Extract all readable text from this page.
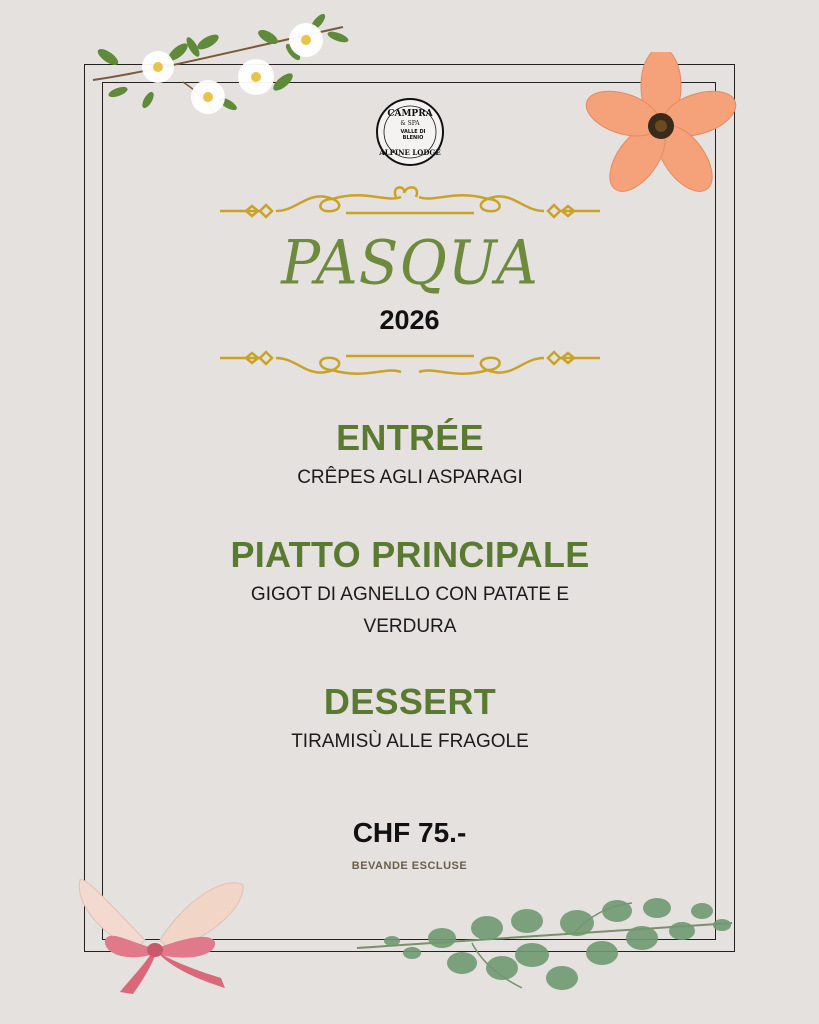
CAMPRA
& SPA
VALLE DI
BLENIO
ALPINE LODGE
PASQUA
2026
ENTRÉE
CRÊPES AGLI ASPARAGI
PIATTO PRINCIPALE
GIGOT DI AGNELLO CON PATATE E
VERDURA
DESSERT
TIRAMISÙ ALLE FRAGOLE
CHF 75.-
BEVANDE ESCLUSE
